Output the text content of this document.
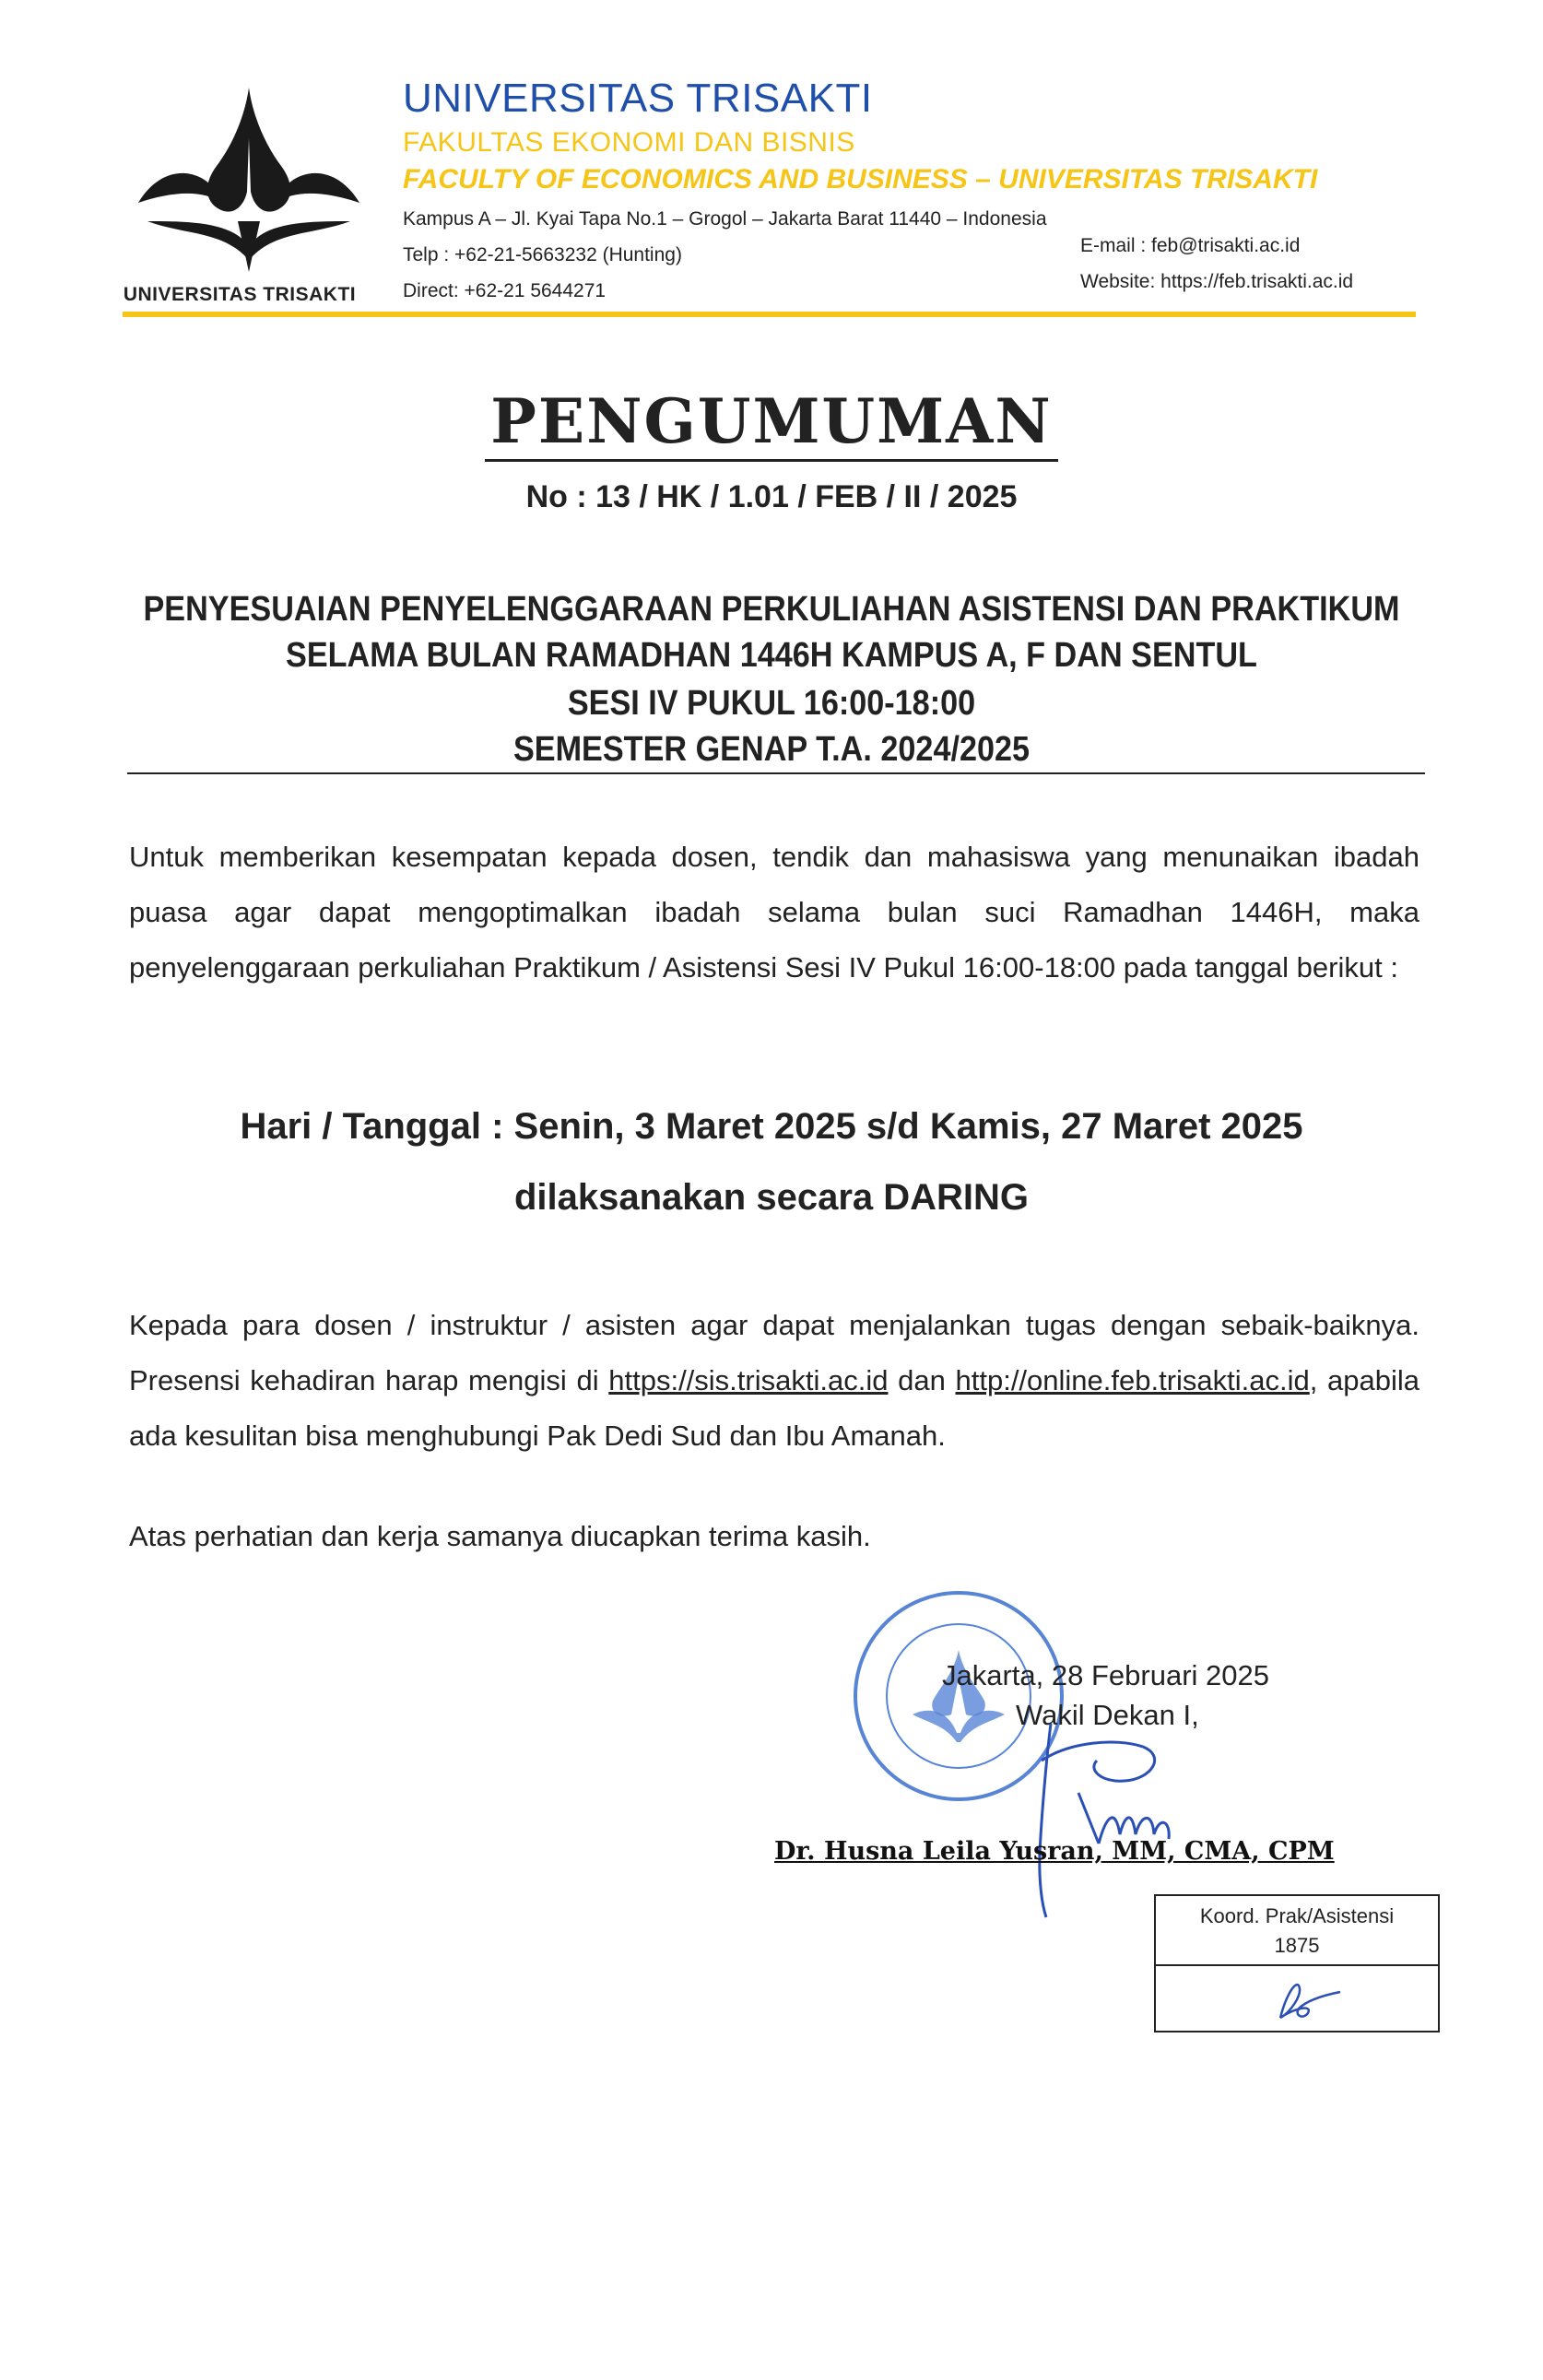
UNIVERSITAS TRISAKTI
UNIVERSITAS TRISAKTI
FAKULTAS EKONOMI DAN BISNIS
FACULTY OF ECONOMICS AND BUSINESS – UNIVERSITAS TRISAKTI
Kampus A – Jl. Kyai Tapa No.1 – Grogol – Jakarta Barat 11440 – Indonesia
Telp : +62-21-5663232 (Hunting)
Direct: +62-21 5644271
E-mail : feb@trisakti.ac.id
Website: https://feb.trisakti.ac.id
PENGUMUMAN
No : 13 / HK / 1.01 / FEB / II / 2025
PENYESUAIAN PENYELENGGARAAN PERKULIAHAN ASISTENSI DAN PRAKTIKUM
SELAMA BULAN RAMADHAN 1446H KAMPUS A, F DAN SENTUL
SESI IV PUKUL 16:00-18:00
SEMESTER GENAP T.A. 2024/2025
Untuk memberikan kesempatan kepada dosen, tendik dan mahasiswa yang menunaikan ibadah puasa agar dapat mengoptimalkan ibadah selama bulan suci Ramadhan 1446H, maka penyelenggaraan perkuliahan Praktikum / Asistensi Sesi IV Pukul 16:00-18:00 pada tanggal berikut :
Hari / Tanggal : Senin, 3 Maret 2025 s/d Kamis, 27 Maret 2025
dilaksanakan secara DARING
Kepada para dosen / instruktur / asisten agar dapat menjalankan tugas dengan sebaik-baiknya. Presensi kehadiran harap mengisi di https://sis.trisakti.ac.id dan http://online.feb.trisakti.ac.id, apabila ada kesulitan bisa menghubungi Pak Dedi Sud dan Ibu Amanah.
Atas perhatian dan kerja samanya diucapkan terima kasih.
Jakarta, 28 Februari 2025
Wakil Dekan I,
Dr. Husna Leila Yusran, MM, CMA, CPM
Koord. Prak/Asistensi
1875
